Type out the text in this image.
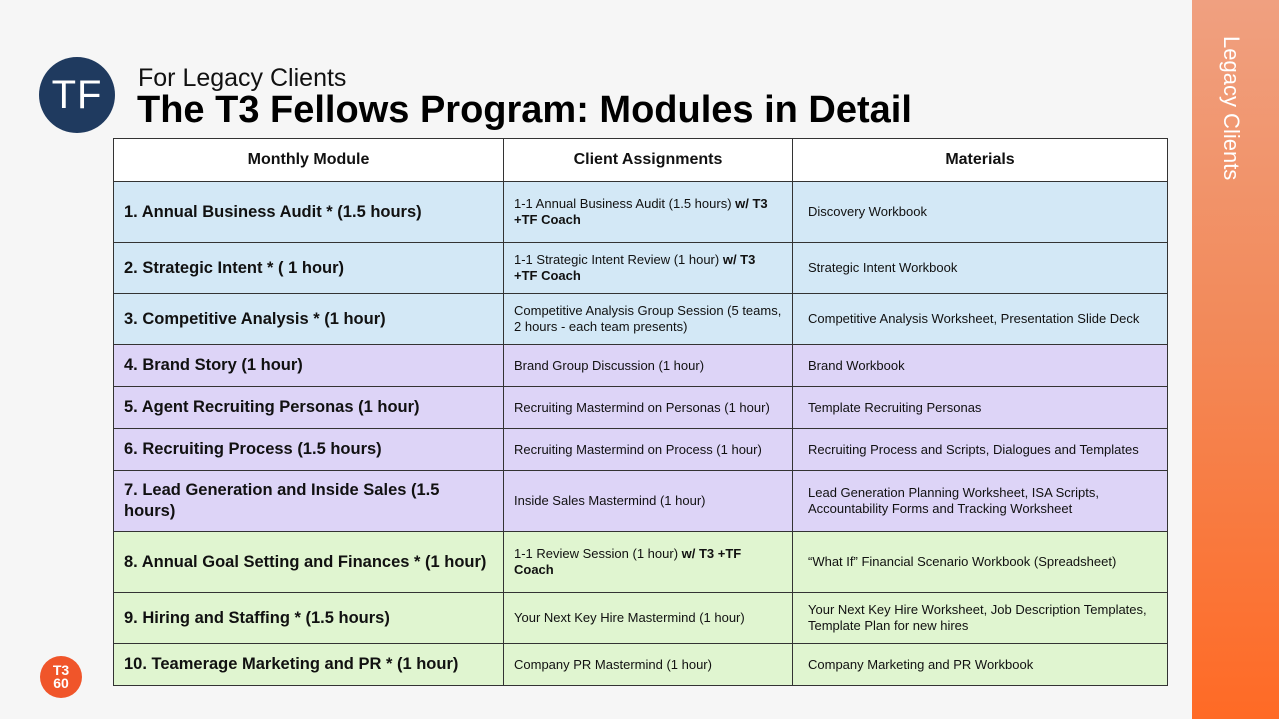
TF	For Legacy Clients
The T3 Fellows Program: Modules in Detail	Legacy Clients
T3
60
Monthly Module	Client Assignments	Materials
1. Annual Business Audit * (1.5 hours)	1-1 Annual Business Audit (1.5 hours) w/ T3 +TF Coach	Discovery Workbook
2. Strategic Intent * ( 1 hour)	1-1 Strategic Intent Review (1 hour) w/ T3 +TF Coach	Strategic Intent Workbook
3. Competitive Analysis * (1 hour)	Competitive Analysis Group Session (5 teams, 2 hours - each team presents)	Competitive Analysis Worksheet, Presentation Slide Deck
4. Brand Story (1 hour)	Brand Group Discussion (1 hour)	Brand Workbook
5. Agent Recruiting Personas (1 hour)	Recruiting Mastermind on Personas (1 hour)	Template Recruiting Personas
6. Recruiting Process (1.5 hours)	Recruiting Mastermind on Process (1 hour)	Recruiting Process and Scripts, Dialogues and Templates
7. Lead Generation and Inside Sales (1.5 hours)	Inside Sales Mastermind (1 hour)	Lead Generation Planning Worksheet, ISA Scripts, Accountability Forms and Tracking Worksheet
8. Annual Goal Setting and Finances * (1 hour)	1-1 Review Session (1 hour) w/ T3 +TF Coach	“What If” Financial Scenario Workbook (Spreadsheet)
9. Hiring and Staffing * (1.5 hours)	Your Next Key Hire Mastermind (1 hour)	Your Next Key Hire Worksheet, Job Description Templates, Template Plan for new hires
10. Teamerage Marketing and PR * (1 hour)	Company PR Mastermind (1 hour)	Company Marketing and PR Workbook
